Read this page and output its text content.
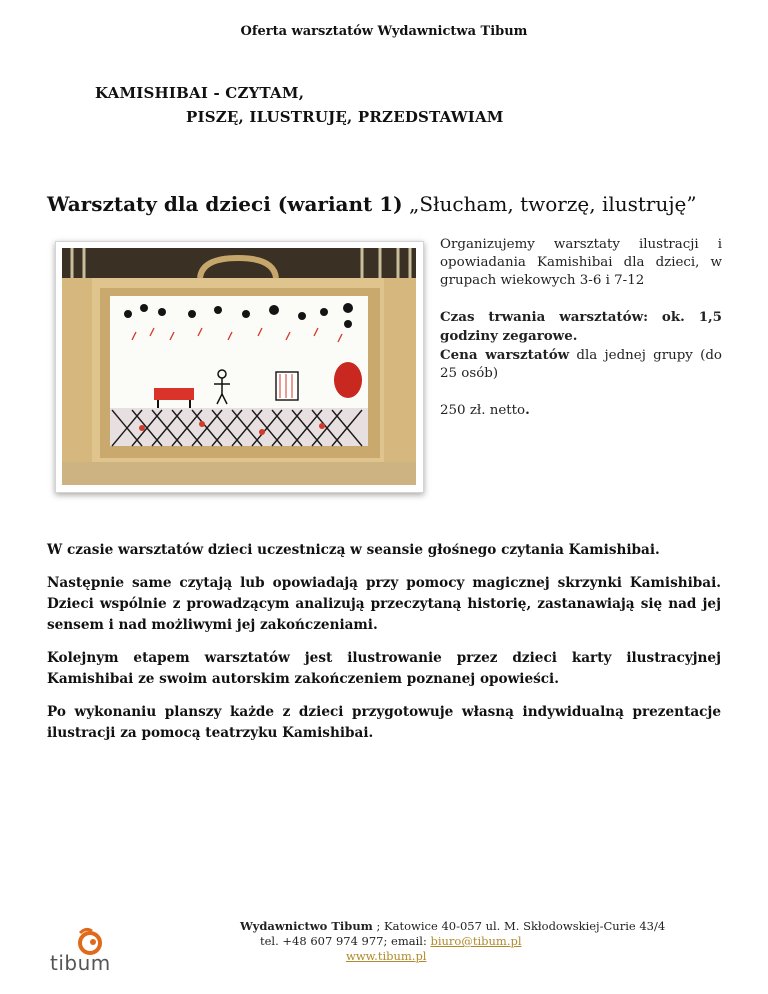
Oferta warsztatów Wydawnictwa Tibum
KAMISHIBAI - CZYTAM,
PISZĘ, ILUSTRUJĘ, PRZEDSTAWIAM
Warsztaty dla dzieci (wariant 1) „Słucham, tworzę, ilustruję”

Organizujemy warsztaty ilustracji i opowiadania Kamishibai dla dzieci, w grupach wiekowych 3-6 i 7-12

Czas trwania warsztatów: ok. 1,5 godziny zegarowe.
Cena warsztatów dla jednej grupy (do 25 osób)

250 zł. netto.

W czasie warsztatów dzieci uczestniczą w seansie głośnego czytania Kamishibai.

Następnie same czytają lub opowiadają przy pomocy magicznej skrzynki Kamishibai. Dzieci wspólnie z prowadzącym analizują przeczytaną historię, zastanawiają się nad jej sensem i nad możliwymi jej zakończeniami.

Kolejnym etapem warsztatów jest ilustrowanie przez dzieci karty ilustracyjnej Kamishibai ze swoim autorskim zakończeniem poznanej opowieści.

Po wykonaniu planszy każde z dzieci przygotowuje własną indywidualną prezentacje ilustracji za pomocą teatrzyku Kamishibai.

tibum
Wydawnictwo Tibum ; Katowice 40-057 ul. M. Skłodowskiej-Curie 43/4
tel. +48 607 974 977; email: biuro@tibum.pl
www.tibum.pl
